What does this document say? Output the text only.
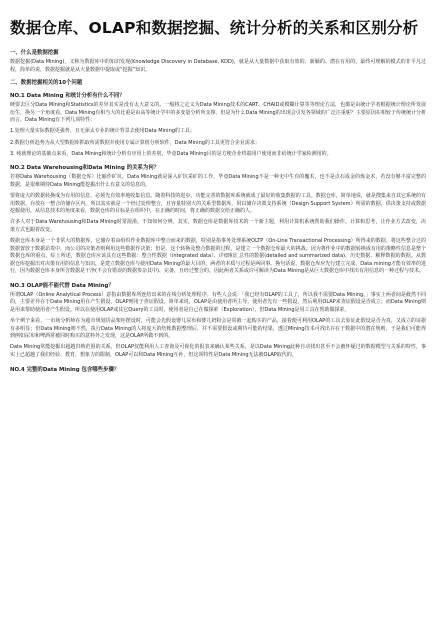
数据仓库、OLAP和数据挖掘、统计分析的关系和区别分析
一、什么是数据挖掘
数据挖掘(Data Mining)，又称为数据库中的知识发现(Knowledge Discovery in Database, KDD)，就是从大量数据中获取有效的、新颖的、潜在有用的、最终可理解的模式的非平凡过程，简单的说，数据挖掘就是从大量数据中提取或“挖掘”知识。
二、数据挖掘相关的10个问题
NO.1 Data Mining 和统计分析有什么不同？
硬要去区分Data Mining和Statistics的差异其实是没有太大意义的。一般将之定义为Data Mining技术的CART、CHAID或模糊计算等等理论方法，也都是由统计学者根据统计理论所发展衍生，换另一个角度看，Data Mining有相当大的比重是由高等统计学中的多变量分析所支撑。但是为什么Data Mining的出现会引发各领域的广泛注重呢？主要原因在相较于传统统计分析而言，Data Mining有下列几项特性：
1.处理大量实际数据更强势，且无须太专业的统计背景去使用Data Mining的工具；
2.数据分析趋势为从大型数据库抓取所需数据并使用专属计算机分析软件，Data Mining的工具更符合企业需求；
3. 纯就理论的基础点来看，Data Mining和统计分析有应用上的差别，毕竟Data Mining目的是方便企业终端用户使用而非给统计学家检测用的。
NO.2 Data Warehousing和Data Mining 的关系为何？
若将Data Warehousing（数据仓库）比喻作矿坑，Data Mining就是深入矿坑采矿的工作。毕竟Data Mining不是一种无中生有的魔术，也不是点石成金的炼金术，若没有够丰富完整的数据，是很难期待Data Mining能挖掘出什么有意义的信息的。
要将庞大的数据转换成为有用的信息，必须先有效率地收集信息。随着科技的进步，功能完善的数据库系统就成了最好的收集数据的工具。数据仓库，简单地说，就是搜集来自其它系统的有用数据，存放在一整合的储存区内。所以其实就是一个经过处理整合，且容量特别大的关系型数据库，用以储存决策支持系统（Design Support System）所需的数据，供决策支持或数据挖掘使用。从信息技术的角度来看，数据仓库的目标是在组织中，在正确的时间，将正确的数据交给正确的人。
许多人对于Data Warehousing和Data Mining时常混淆，不知如何分辨。其实，数据仓库是数据库技术的一个新主题，利用计算机系统帮助我们操作、计算和思考，让作业方式改变，决策方式也跟着改变。
数据仓库本身是一个非常大的数据库，它储存着由组织作业数据库中整合而来的数据，特别是指事务处理系统OLTP（On-Line Transactional Processing）所得来的数据。将这些整合过的数据置放于数据昂贵中，而公司的决策者则利用这些数据作决策；但是，这个转换及整合数据的过程，是建立一个数据仓库最大的挑战。因为将作业中的数据转换成有用的策略性信息是整个数据仓库的重点。综上所述，数据仓库应该具有这些数据：整合性数据（integrated data）、详细和汇总性的数据(detailed and summarized data)、历史数据、解释数据的数据。从数据仓库挖掘出对决策有用的信息与知识，是建立数据仓库与使用Data Mining的最大目的，两者的本质与过程是两回事。换句话说，数据仓库应先行建立完成，Data mining才能有效率的进行，因为数据仓库本身所含数据是干净(不会有错误的数据参杂其中)、完备，且经过整合的。因此两者关系或许可解读为Data Mining是从巨大数据仓库中找出有用信息的一种过程与技术。
NO.3 OLAP能不能代替 Data Mining？
所谓OLAP（Online Analytical Process）意指由数据库所连结出来的在线分析处理程序。有些人会说：「我已经有OLAP的工具了，所以我不需要Data Mining。」事实上两者间是截然不同的，主要差异在于Data Mining用在产生假设，OLAP则用于查证假设。简单来说，OLAP是由使用者所主导，使用者先有一些假设，然后利用OLAP来查证假设是否成立；而Data Mining则是用来帮助使用者产生假设。所以在使用OLAP或其它Query的工具时，使用者是自己在做探索（Exploration），但Data Mining是用工具在帮助做探索。
举个例子来看，一市场分析师在为超市规划货品架柜摆设时，可能会先假设婴儿尿布和婴儿奶粉会是常被一起购买的产品，接着便可利用OLAP的工具去验证此假设是否为真，又成立的证据有多明显；但Data Mining则不然，执行Data Mining的人将庞大的结帐数据整理后，并不需要假设或期待可能的结果，透过Mining技术可找出存在于数据中的潜在规则，于是我们可能得到例如尿布和啤酒常被同时购买的意料外之发现，这是OLAP所做不到的。
Data Mining常能挖掘出超越归纳范围的关系，但OLAP仅能利用人工查询及可视化的报表来确认某些关系，是以Data Mining此种自动找出甚至不会被怀疑过的数据模型与关系的特性，事实上已超越了我们经验、教育、想象力的限制，OLAP可以和Data Mining互补，但这项特性是Data Mining无法被OLAP取代的。
NO.4 完整的Data Mining 包含哪些步骤？
